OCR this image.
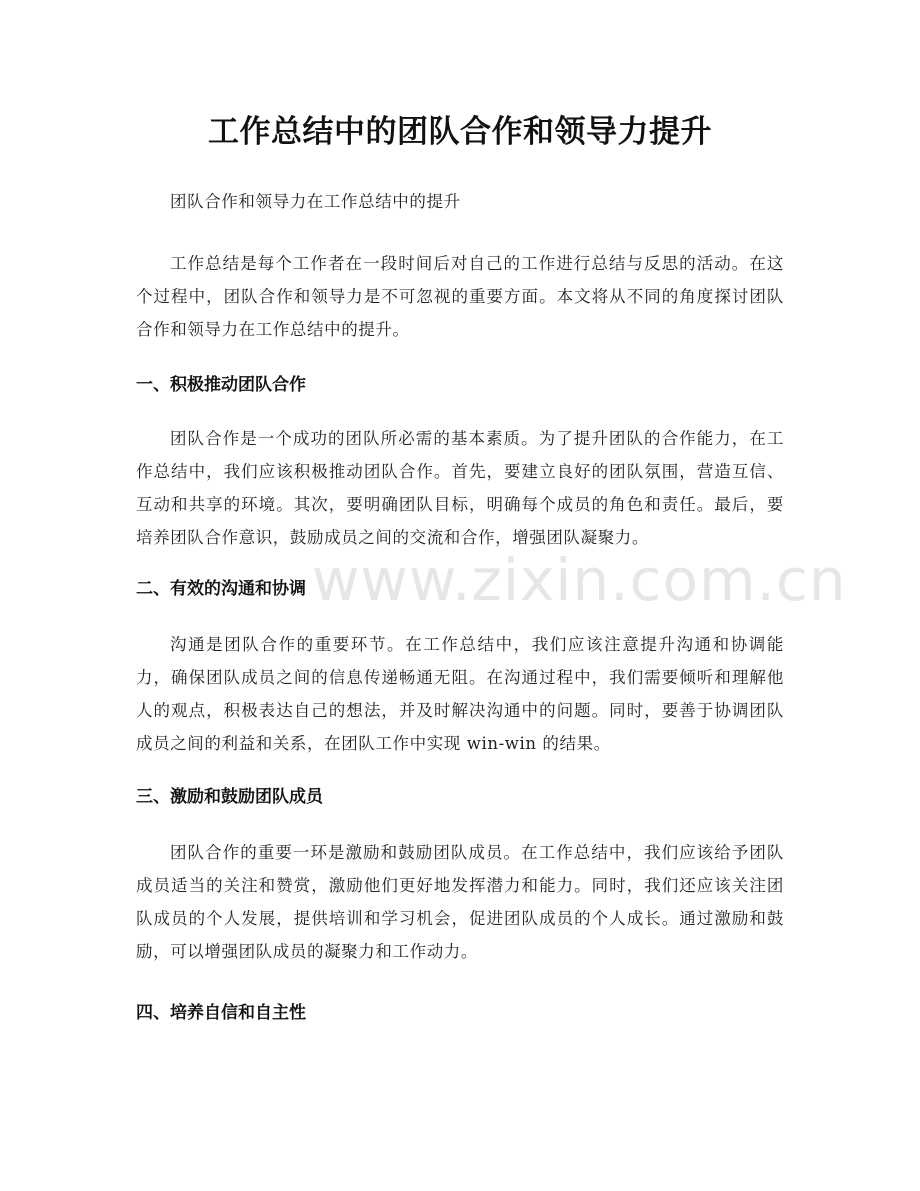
工作总结中的团队合作和领导力提升

团队合作和领导力在工作总结中的提升

工作总结是每个工作者在一段时间后对自己的工作进行总结与反思的活动。在这个过程中，团队合作和领导力是不可忽视的重要方面。本文将从不同的角度探讨团队合作和领导力在工作总结中的提升。

一、积极推动团队合作

团队合作是一个成功的团队所必需的基本素质。为了提升团队的合作能力，在工作总结中，我们应该积极推动团队合作。首先，要建立良好的团队氛围，营造互信、互动和共享的环境。其次，要明确团队目标，明确每个成员的角色和责任。最后，要培养团队合作意识，鼓励成员之间的交流和合作，增强团队凝聚力。

二、有效的沟通和协调

沟通是团队合作的重要环节。在工作总结中，我们应该注意提升沟通和协调能力，确保团队成员之间的信息传递畅通无阻。在沟通过程中，我们需要倾听和理解他人的观点，积极表达自己的想法，并及时解决沟通中的问题。同时，要善于协调团队成员之间的利益和关系，在团队工作中实现 win-win 的结果。

三、激励和鼓励团队成员

团队合作的重要一环是激励和鼓励团队成员。在工作总结中，我们应该给予团队成员适当的关注和赞赏，激励他们更好地发挥潜力和能力。同时，我们还应该关注团队成员的个人发展，提供培训和学习机会，促进团队成员的个人成长。通过激励和鼓励，可以增强团队成员的凝聚力和工作动力。

四、培养自信和自主性
www.zixin.com.cn
